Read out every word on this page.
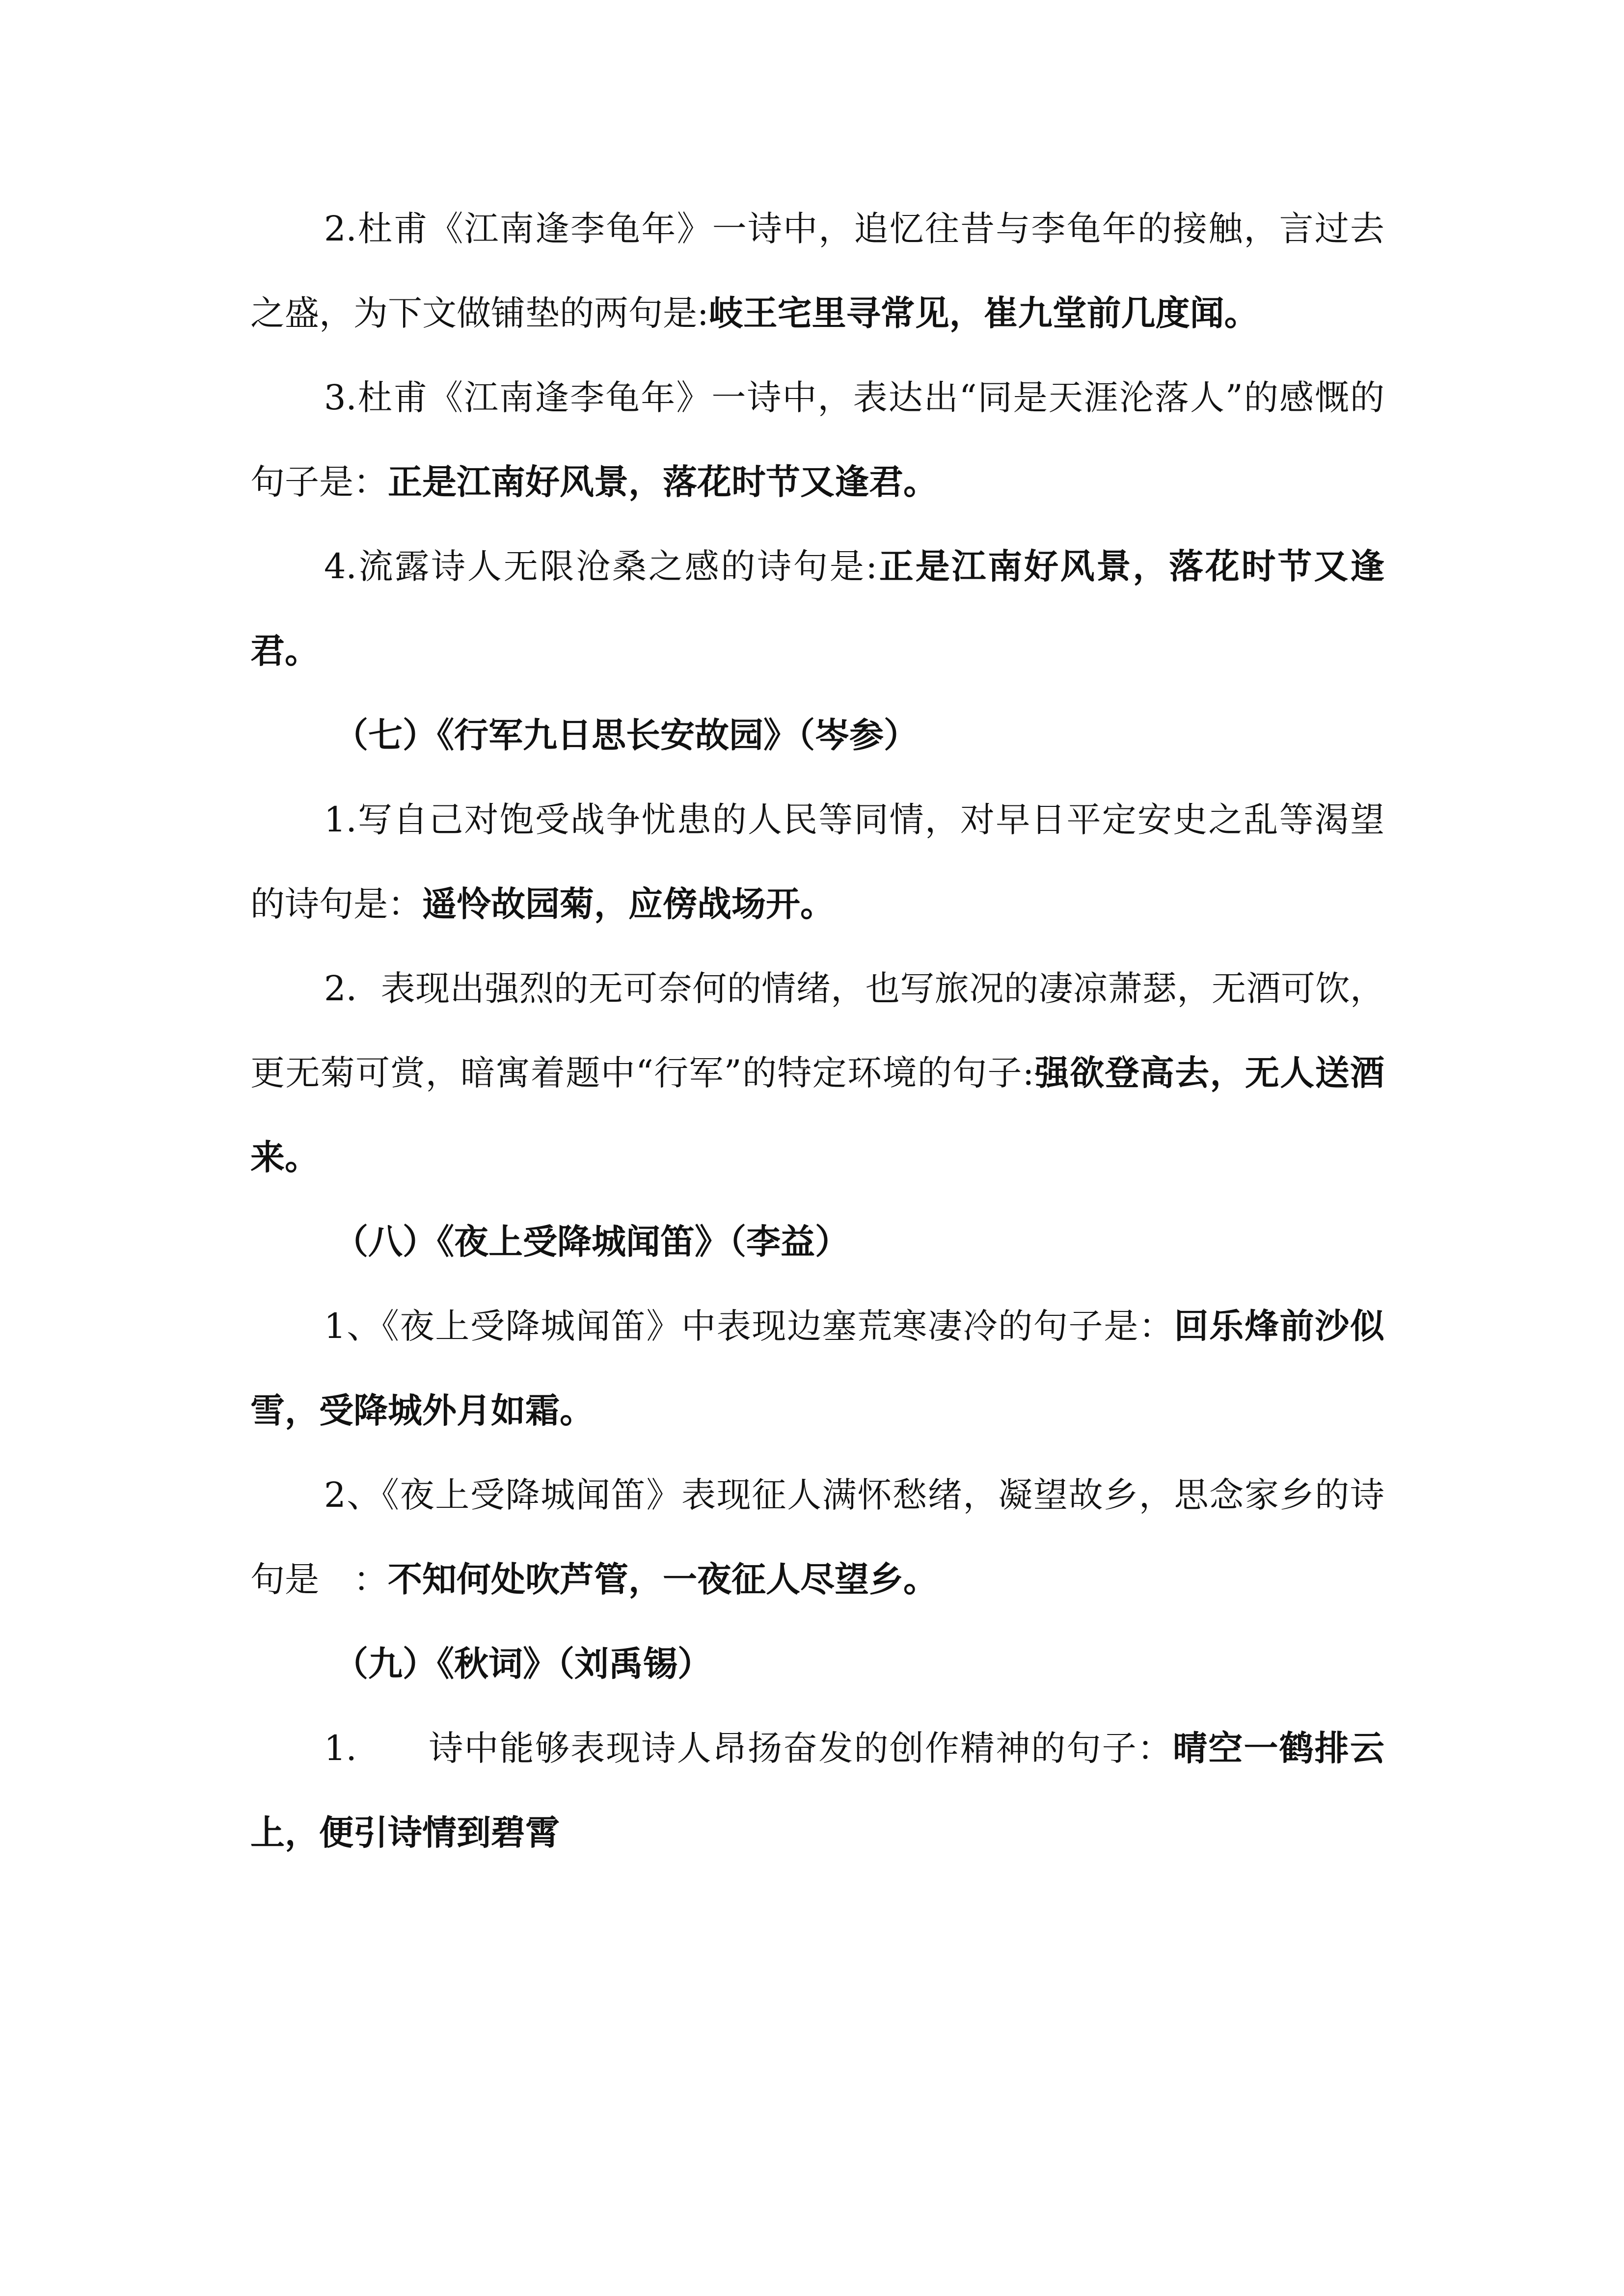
2.杜甫《江南逢李龟年》一诗中，追忆往昔与李龟年的接触，言过去之盛，为下文做铺垫的两句是:岐王宅里寻常见，崔九堂前几度闻。

3.杜甫《江南逢李龟年》一诗中，表达出“同是天涯沦落人”的感慨的句子是：正是江南好风景，落花时节又逢君。

4.流露诗人无限沧桑之感的诗句是:正是江南好风景，落花时节又逢君。

（七）《行军九日思长安故园》（岑参）

1.写自己对饱受战争忧患的人民等同情，对早日平定安史之乱等渴望的诗句是：遥怜故园菊，应傍战场开。

2．表现出强烈的无可奈何的情绪，也写旅况的凄凉萧瑟，无酒可饮，更无菊可赏，暗寓着题中“行军”的特定环境的句子:强欲登高去，无人送酒来。

（八）《夜上受降城闻笛》（李益）

1、《夜上受降城闻笛》中表现边塞荒寒凄冷的句子是：回乐烽前沙似雪，受降城外月如霜。

2、《夜上受降城闻笛》表现征人满怀愁绪，凝望故乡，思念家乡的诗句是　：不知何处吹芦管，一夜征人尽望乡。

（九）《秋词》（刘禹锡）

1.　　诗中能够表现诗人昂扬奋发的创作精神的句子：晴空一鹤排云上，便引诗情到碧霄
